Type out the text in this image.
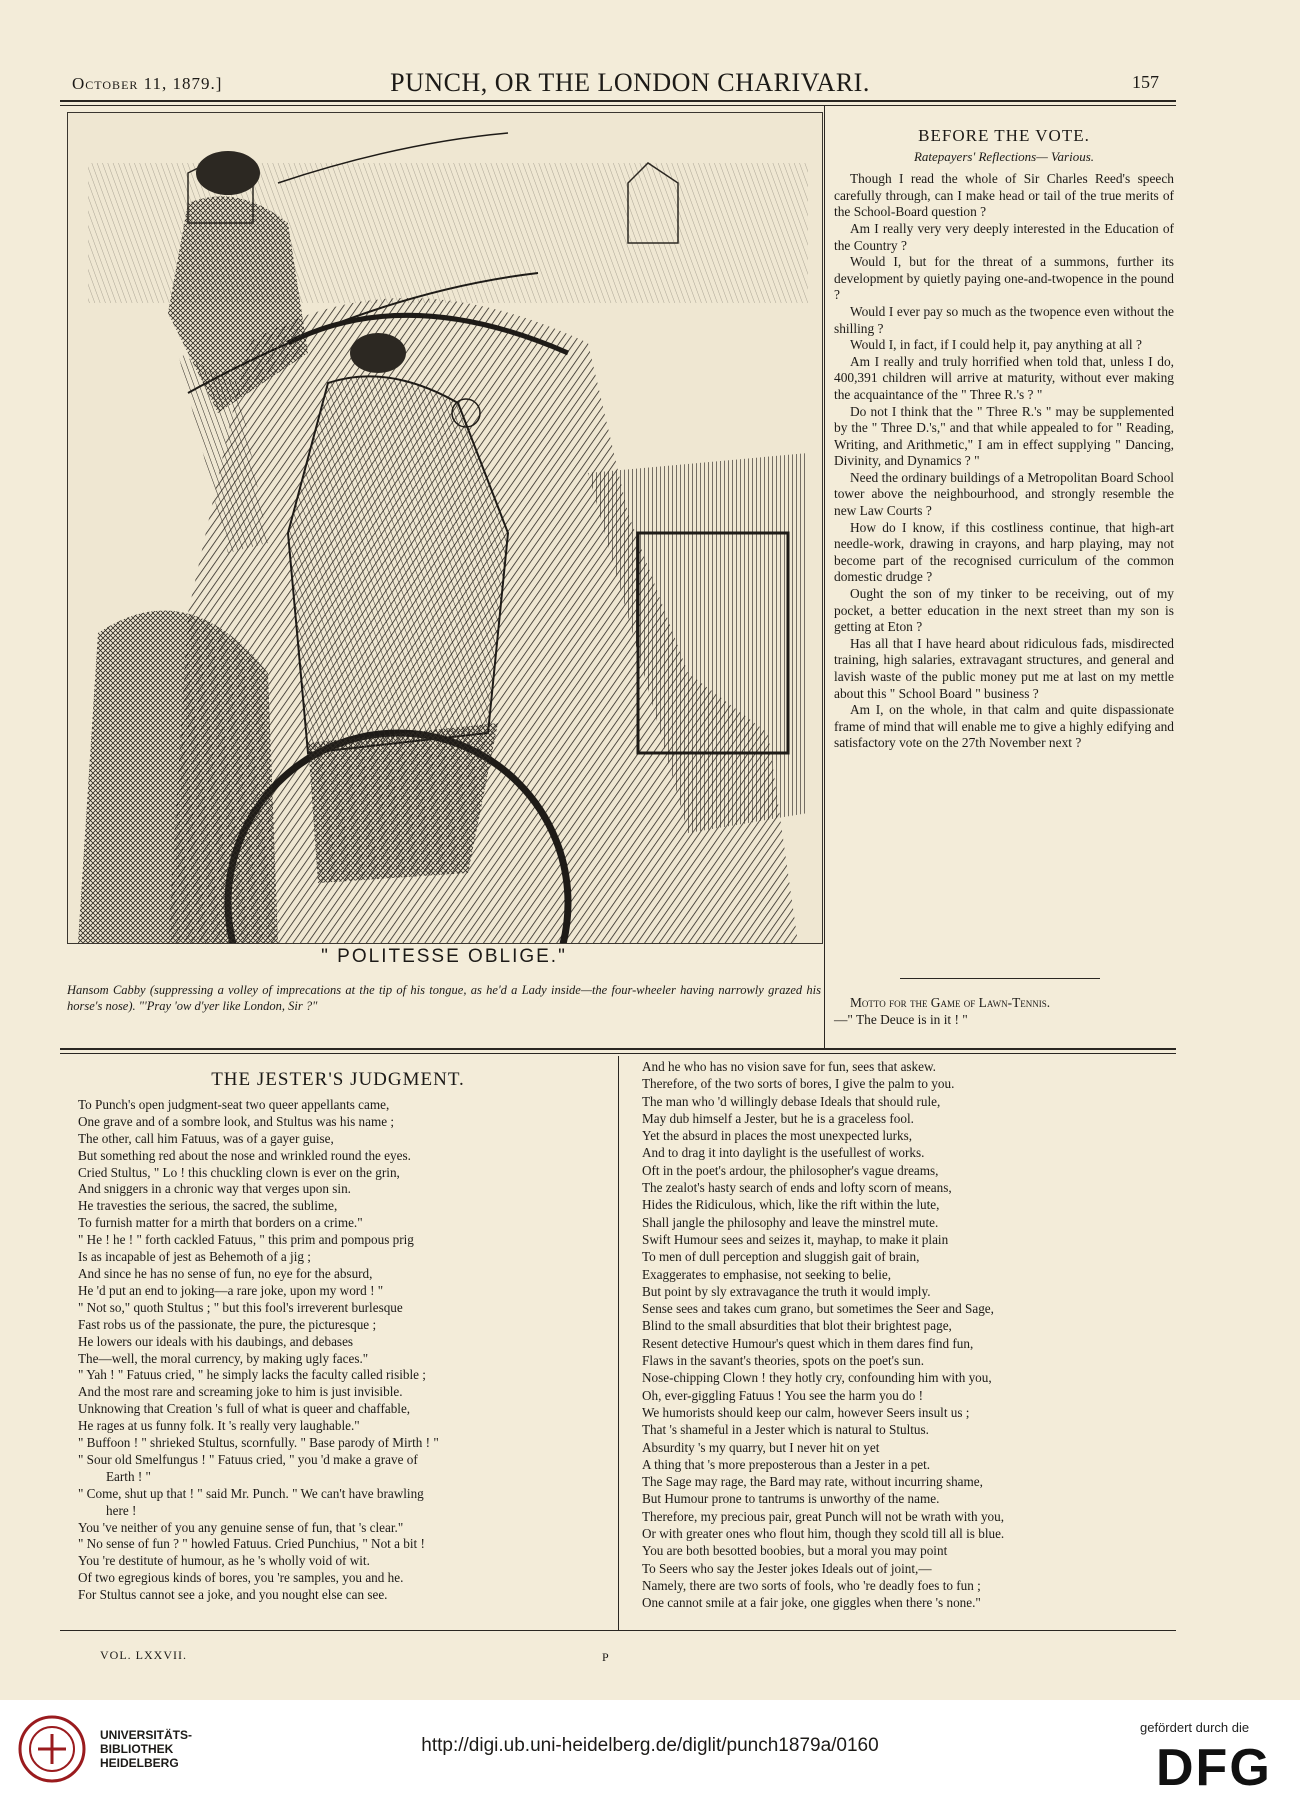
October 11, 1879.]	PUNCH, OR THE LONDON CHARIVARI.	157
" POLITESSE OBLIGE."
Hansom Cabby (suppressing a volley of imprecations at the tip of his tongue, as he'd a Lady inside—the four-wheeler having narrowly grazed his horse's nose). "'Pray 'ow d'yer like London, Sir ?"
BEFORE THE VOTE.
Ratepayers' Reflections— Various.

Though I read the whole of Sir Charles Reed's speech carefully through, can I make head or tail of the true merits of the School-Board question ?

Am I really very very deeply interested in the Education of the Country ?

Would I, but for the threat of a summons, further its development by quietly paying one-and-twopence in the pound ?

Would I ever pay so much as the twopence even without the shilling ?

Would I, in fact, if I could help it, pay anything at all ?

Am I really and truly horrified when told that, unless I do, 400,391 children will arrive at maturity, without ever making the acquaintance of the " Three R.'s ? "

Do not I think that the " Three R.'s " may be supplemented by the " Three D.'s," and that while appealed to for " Reading, Writing, and Arithmetic," I am in effect supplying " Dancing, Divinity, and Dynamics ? "

Need the ordinary buildings of a Metropolitan Board School tower above the neighbourhood, and strongly resemble the new Law Courts ?

How do I know, if this costliness continue, that high-art needle-work, drawing in crayons, and harp playing, may not become part of the recognised curriculum of the common domestic drudge ?

Ought the son of my tinker to be receiving, out of my pocket, a better education in the next street than my son is getting at Eton ?

Has all that I have heard about ridiculous fads, misdirected training, high salaries, extravagant structures, and general and lavish waste of the public money put me at last on my mettle about this " School Board " business ?

Am I, on the whole, in that calm and quite dispassionate frame of mind that will enable me to give a highly edifying and satisfactory vote on the 27th November next ?

Motto for the Game of Lawn-Tennis.

—" The Deuce is in it ! "
THE JESTER'S JUDGMENT.

To Punch's open judgment-seat two queer appellants came,

One grave and of a sombre look, and Stultus was his name ;

The other, call him Fatuus, was of a gayer guise,

But something red about the nose and wrinkled round the eyes.

Cried Stultus, " Lo ! this chuckling clown is ever on the grin,

And sniggers in a chronic way that verges upon sin.

He travesties the serious, the sacred, the sublime,

To furnish matter for a mirth that borders on a crime."

" He ! he ! " forth cackled Fatuus, " this prim and pompous prig

Is as incapable of jest as Behemoth of a jig ;

And since he has no sense of fun, no eye for the absurd,

He 'd put an end to joking—a rare joke, upon my word ! "

" Not so," quoth Stultus ; " but this fool's irreverent burlesque

Fast robs us of the passionate, the pure, the picturesque ;

He lowers our ideals with his daubings, and debases

The—well, the moral currency, by making ugly faces."

" Yah ! " Fatuus cried, " he simply lacks the faculty called risible ;

And the most rare and screaming joke to him is just invisible.

Unknowing that Creation 's full of what is queer and chaffable,

He rages at us funny folk. It 's really very laughable."

" Buffoon ! " shrieked Stultus, scornfully. " Base parody of Mirth ! "

" Sour old Smelfungus ! " Fatuus cried, " you 'd make a grave of

Earth ! "

" Come, shut up that ! " said Mr. Punch. " We can't have brawling

here !

You 've neither of you any genuine sense of fun, that 's clear."

" No sense of fun ? " howled Fatuus. Cried Punchius, " Not a bit !

You 're destitute of humour, as he 's wholly void of wit.

Of two egregious kinds of bores, you 're samples, you and he.

For Stultus cannot see a joke, and you nought else can see.

And he who has no vision save for fun, sees that askew.

Therefore, of the two sorts of bores, I give the palm to you.

The man who 'd willingly debase Ideals that should rule,

May dub himself a Jester, but he is a graceless fool.

Yet the absurd in places the most unexpected lurks,

And to drag it into daylight is the usefullest of works.

Oft in the poet's ardour, the philosopher's vague dreams,

The zealot's hasty search of ends and lofty scorn of means,

Hides the Ridiculous, which, like the rift within the lute,

Shall jangle the philosophy and leave the minstrel mute.

Swift Humour sees and seizes it, mayhap, to make it plain

To men of dull perception and sluggish gait of brain,

Exaggerates to emphasise, not seeking to belie,

But point by sly extravagance the truth it would imply.

Sense sees and takes cum grano, but sometimes the Seer and Sage,

Blind to the small absurdities that blot their brightest page,

Resent detective Humour's quest which in them dares find fun,

Flaws in the savant's theories, spots on the poet's sun.

Nose-chipping Clown ! they hotly cry, confounding him with you,

Oh, ever-giggling Fatuus ! You see the harm you do !

We humorists should keep our calm, however Seers insult us ;

That 's shameful in a Jester which is natural to Stultus.

Absurdity 's my quarry, but I never hit on yet

A thing that 's more preposterous than a Jester in a pet.

The Sage may rage, the Bard may rate, without incurring shame,

But Humour prone to tantrums is unworthy of the name.

Therefore, my precious pair, great Punch will not be wrath with you,

Or with greater ones who flout him, though they scold till all is blue.

You are both besotted boobies, but a moral you may point

To Seers who say the Jester jokes Ideals out of joint,—

Namely, there are two sorts of fools, who 're deadly foes to fun ;

One cannot smile at a fair joke, one giggles when there 's none."

VOL. LXXVII.	P
UNIVERSITÄTS-
BIBLIOTHEK
HEIDELBERG
http://digi.ub.uni-heidelberg.de/diglit/punch1879a/0160
gefördert durch die
DFG
